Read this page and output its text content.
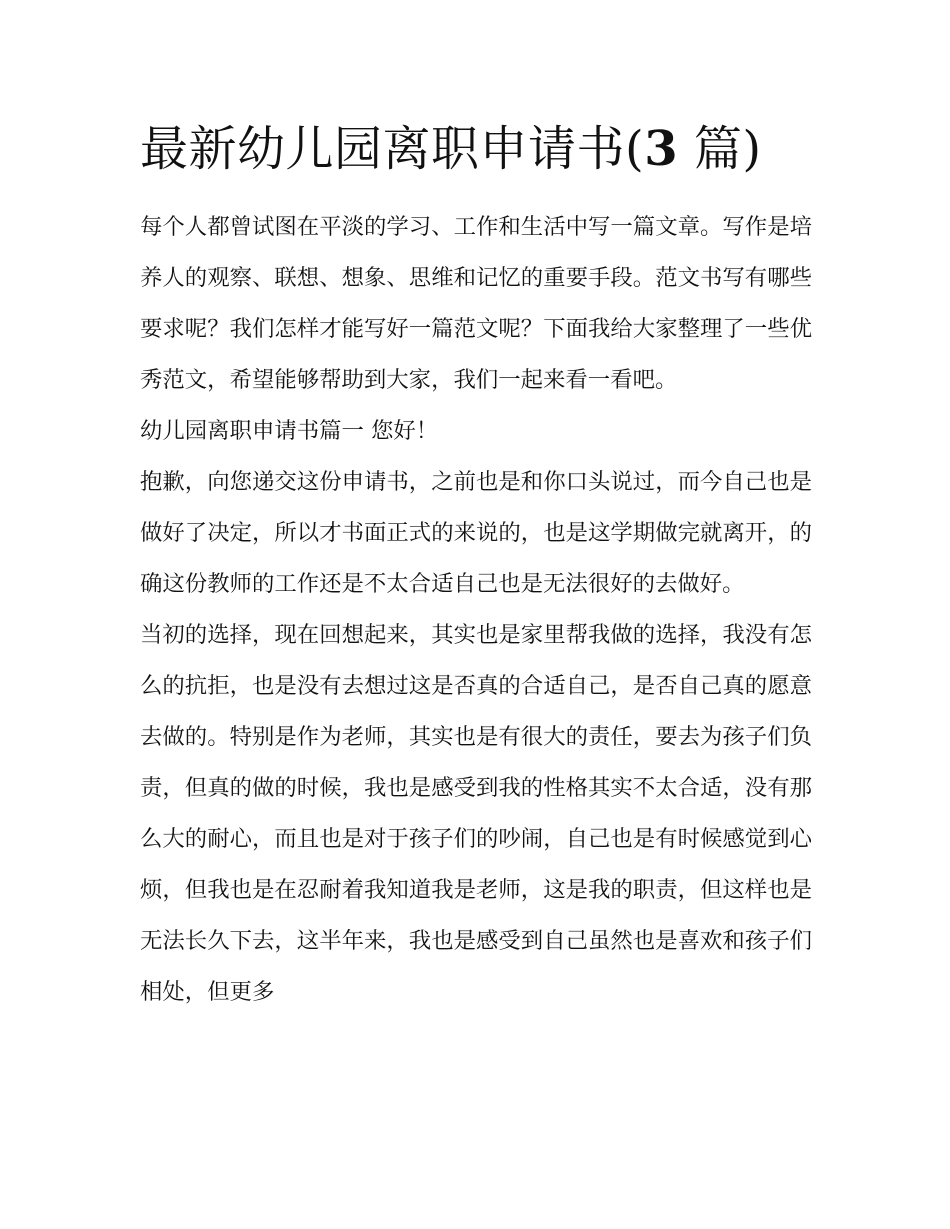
最新幼儿园离职申请书(3 篇)

每个人都曾试图在平淡的学习、工作和生活中写一篇文章。写作是培养人的观察、联想、想象、思维和记忆的重要手段。范文书写有哪些要求呢？我们怎样才能写好一篇范文呢？下面我给大家整理了一些优秀范文，希望能够帮助到大家，我们一起来看一看吧。

幼儿园离职申请书篇一 您好！

抱歉，向您递交这份申请书，之前也是和你口头说过，而今自己也是做好了决定，所以才书面正式的来说的，也是这学期做完就离开，的确这份教师的工作还是不太合适自己也是无法很好的去做好。

当初的选择，现在回想起来，其实也是家里帮我做的选择，我没有怎么的抗拒，也是没有去想过这是否真的合适自己，是否自己真的愿意去做的。特别是作为老师，其实也是有很大的责任，要去为孩子们负责，但真的做的时候，我也是感受到我的性格其实不太合适，没有那么大的耐心，而且也是对于孩子们的吵闹，自己也是有时候感觉到心烦，但我也是在忍耐着我知道我是老师，这是我的职责，但这样也是无法长久下去，这半年来，我也是感受到自己虽然也是喜欢和孩子们相处，但更多
